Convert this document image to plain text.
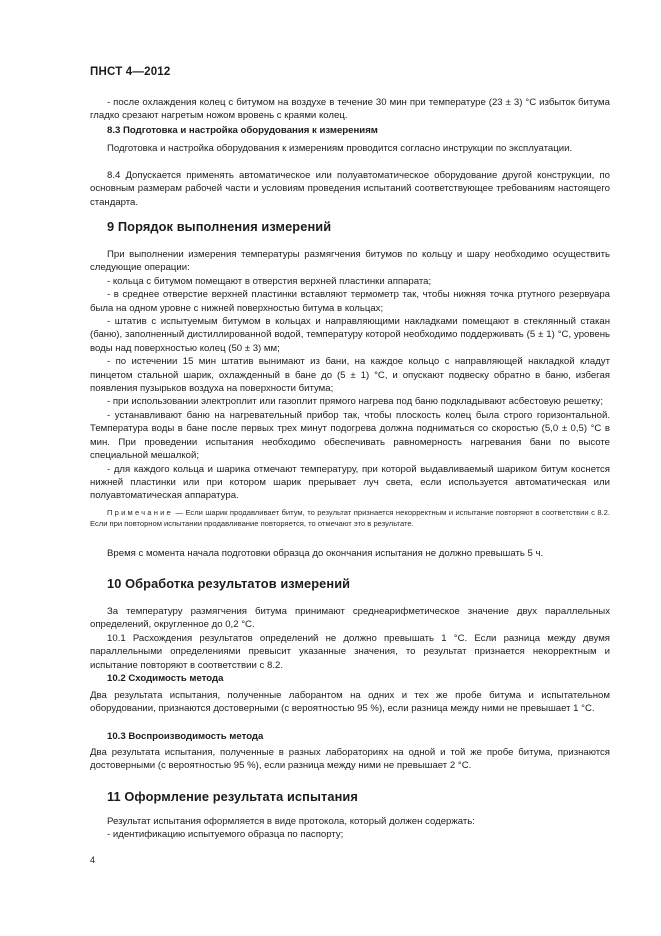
ПНСТ 4—2012

- после охлаждения колец с битумом на воздухе в течение 30 мин при температуре (23 ± 3) °C избыток битума гладко срезают нагретым ножом вровень с краями колец.

8.3 Подготовка и настройка оборудования к измерениям

Подготовка и настройка оборудования к измерениям проводится согласно инструкции по эксплуатации.

8.4 Допускается применять автоматическое или полуавтоматическое оборудование другой конструкции, по основным размерам рабочей части и условиям проведения испытаний соответствующее требованиям настоящего стандарта.

9 Порядок выполнения измерений

При выполнении измерения температуры размягчения битумов по кольцу и шару необходимо осуществить следующие операции:
- кольца с битумом помещают в отверстия верхней пластинки аппарата;
- в среднее отверстие верхней пластинки вставляют термометр так, чтобы нижняя точка ртутного резервуара была на одном уровне с нижней поверхностью битума в кольцах;
- штатив с испытуемым битумом в кольцах и направляющими накладками помещают в стеклянный стакан (баню), заполненный дистиллированной водой, температуру которой необходимо поддерживать (5 ± 1) °C, уровень воды над поверхностью колец (50 ± 3) мм;
- по истечении 15 мин штатив вынимают из бани, на каждое кольцо с направляющей накладкой кладут пинцетом стальной шарик, охлажденный в бане до (5 ± 1) °C, и опускают подвеску обратно в баню, избегая появления пузырьков воздуха на поверхности битума;
- при использовании электроплит или газоплит прямого нагрева под баню подкладывают асбестовую решетку;
- устанавливают баню на нагревательный прибор так, чтобы плоскость колец была строго горизонтальной. Температура воды в бане после первых трех минут подогрева должна подниматься со скоростью (5,0 ± 0,5) °C в мин. При проведении испытания необходимо обеспечивать равномерность нагревания бани по высоте специальной мешалкой;
- для каждого кольца и шарика отмечают температуру, при которой выдавливаемый шариком битум коснется нижней пластинки или при котором шарик прерывает луч света, если используется автоматическая или полуавтоматическая аппаратура.

Примечание — Если шарик продавливает битум, то результат признается некорректным и испытание повторяют в соответствии с 8.2. Если при повторном испытании продавливание повторяется, то отмечают это в результате.

Время с момента начала подготовки образца до окончания испытания не должно превышать 5 ч.

10 Обработка результатов измерений

За температуру размягчения битума принимают среднеарифметическое значение двух параллельных определений, округленное до 0,2 °C.
10.1 Расхождения результатов определений не должно превышать 1 °C. Если разница между двумя параллельными определениями превысит указанные значения, то результат признается некорректным и испытание повторяют в соответствии с 8.2.

10.2 Сходимость метода

Два результата испытания, полученные лаборантом на одних и тех же пробе битума и испытательном оборудовании, признаются достоверными (с вероятностью 95 %), если разница между ними не превышает 1 °C.

10.3 Воспроизводимость метода

Два результата испытания, полученные в разных лабораториях на одной и той же пробе битума, признаются достоверными (с вероятностью 95 %), если разница между ними не превышает 2 °C.

11 Оформление результата испытания

Результат испытания оформляется в виде протокола, который должен содержать:
- идентификацию испытуемого образца по паспорту;

4
